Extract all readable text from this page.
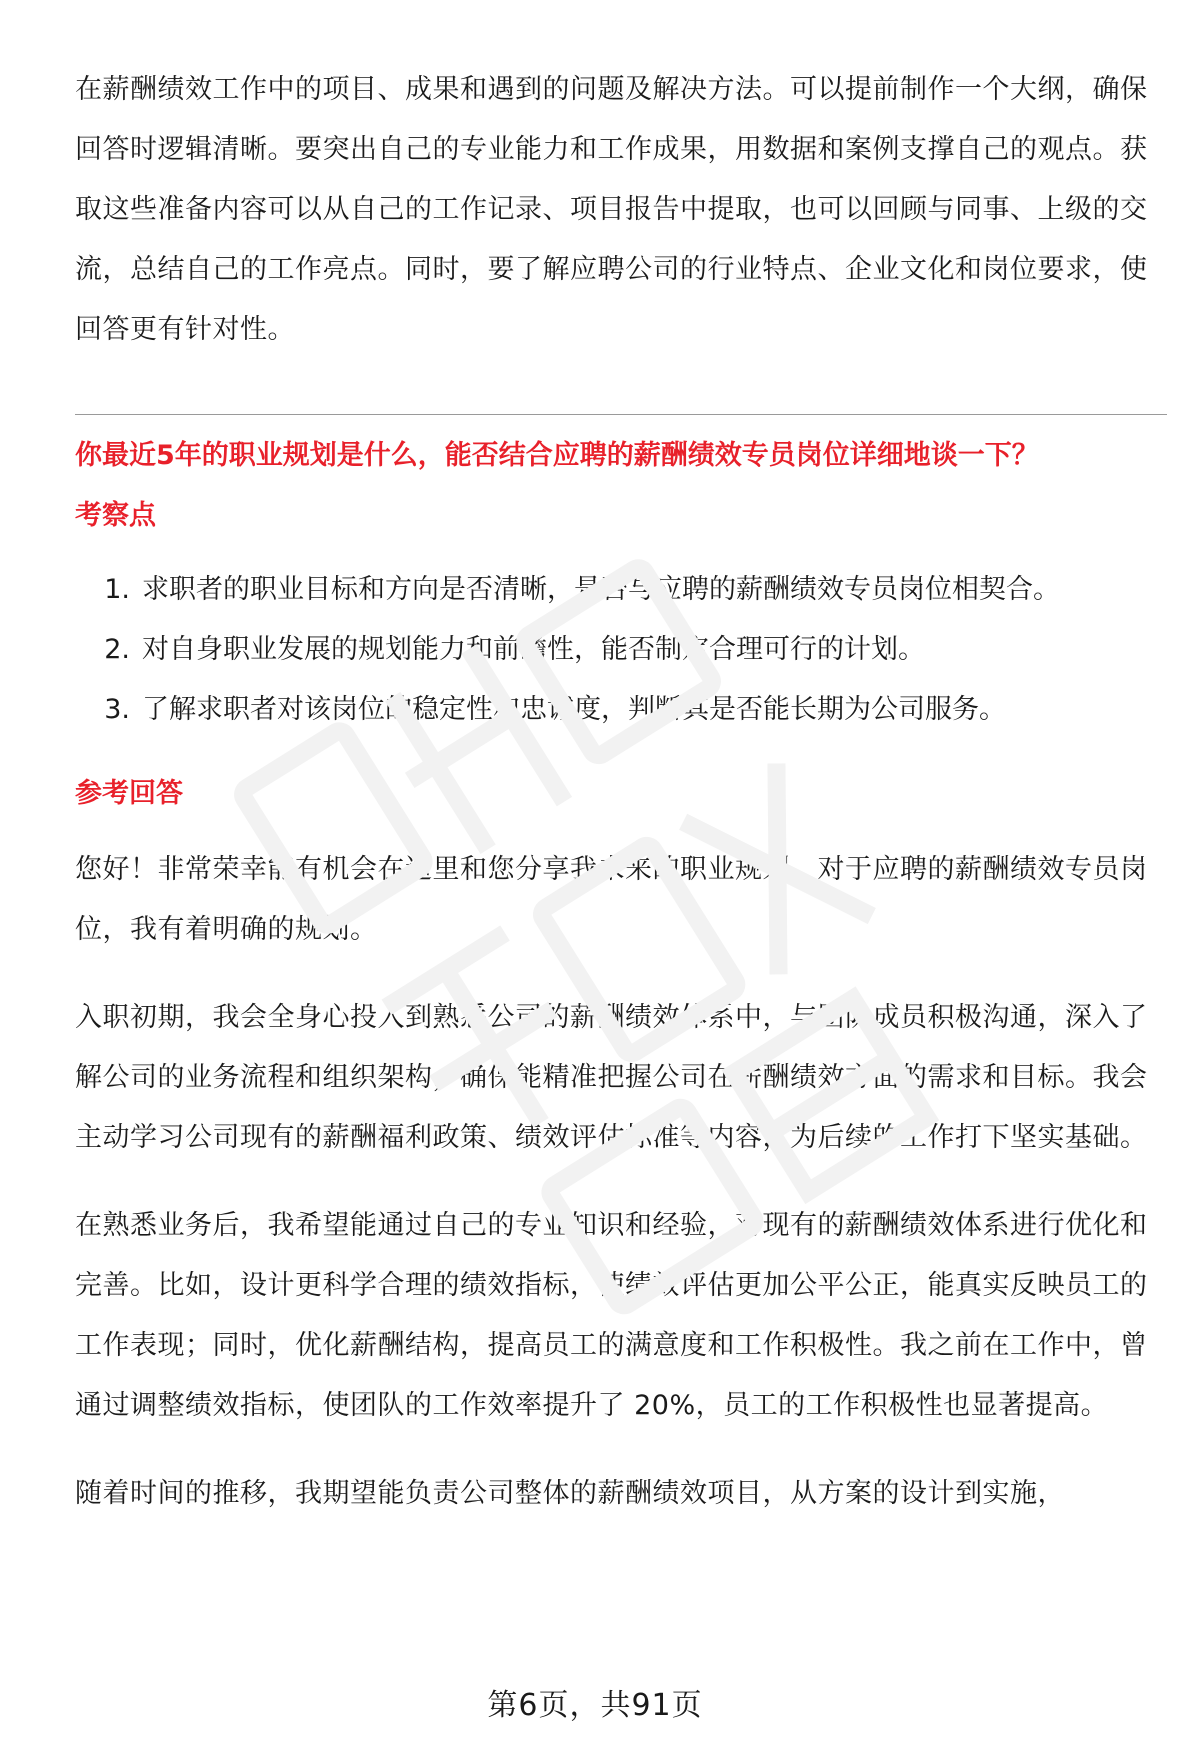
在薪酬绩效工作中的项目、成果和遇到的问题及解决方法。可以提前制作一个大纲，确保回答时逻辑清晰。要突出自己的专业能力和工作成果，用数据和案例支撑自己的观点。获取这些准备内容可以从自己的工作记录、项目报告中提取，也可以回顾与同事、上级的交流，总结自己的工作亮点。同时，要了解应聘公司的行业特点、企业文化和岗位要求，使回答更有针对性。

你最近5年的职业规划是什么，能否结合应聘的薪酬绩效专员岗位详细地谈一下？

考察点

1. 求职者的职业目标和方向是否清晰，是否与应聘的薪酬绩效专员岗位相契合。
2. 对自身职业发展的规划能力和前瞻性，能否制定合理可行的计划。
3. 了解求职者对该岗位的稳定性和忠诚度，判断其是否能长期为公司服务。

参考回答

您好！非常荣幸能有机会在这里和您分享我未来的职业规划。对于应聘的薪酬绩效专员岗位，我有着明确的规划。

入职初期，我会全身心投入到熟悉公司的薪酬绩效体系中，与团队成员积极沟通，深入了解公司的业务流程和组织架构，确保能精准把握公司在薪酬绩效方面的需求和目标。我会主动学习公司现有的薪酬福利政策、绩效评估标准等内容，为后续的工作打下坚实基础。

在熟悉业务后，我希望能通过自己的专业知识和经验，对现有的薪酬绩效体系进行优化和完善。比如，设计更科学合理的绩效指标，使绩效评估更加公平公正，能真实反映员工的工作表现；同时，优化薪酬结构，提高员工的满意度和工作积极性。我之前在工作中，曾通过调整绩效指标，使团队的工作效率提升了 20%，员工的工作积极性也显著提高。

随着时间的推移，我期望能负责公司整体的薪酬绩效项目，从方案的设计到实施，

第6页，共91页
